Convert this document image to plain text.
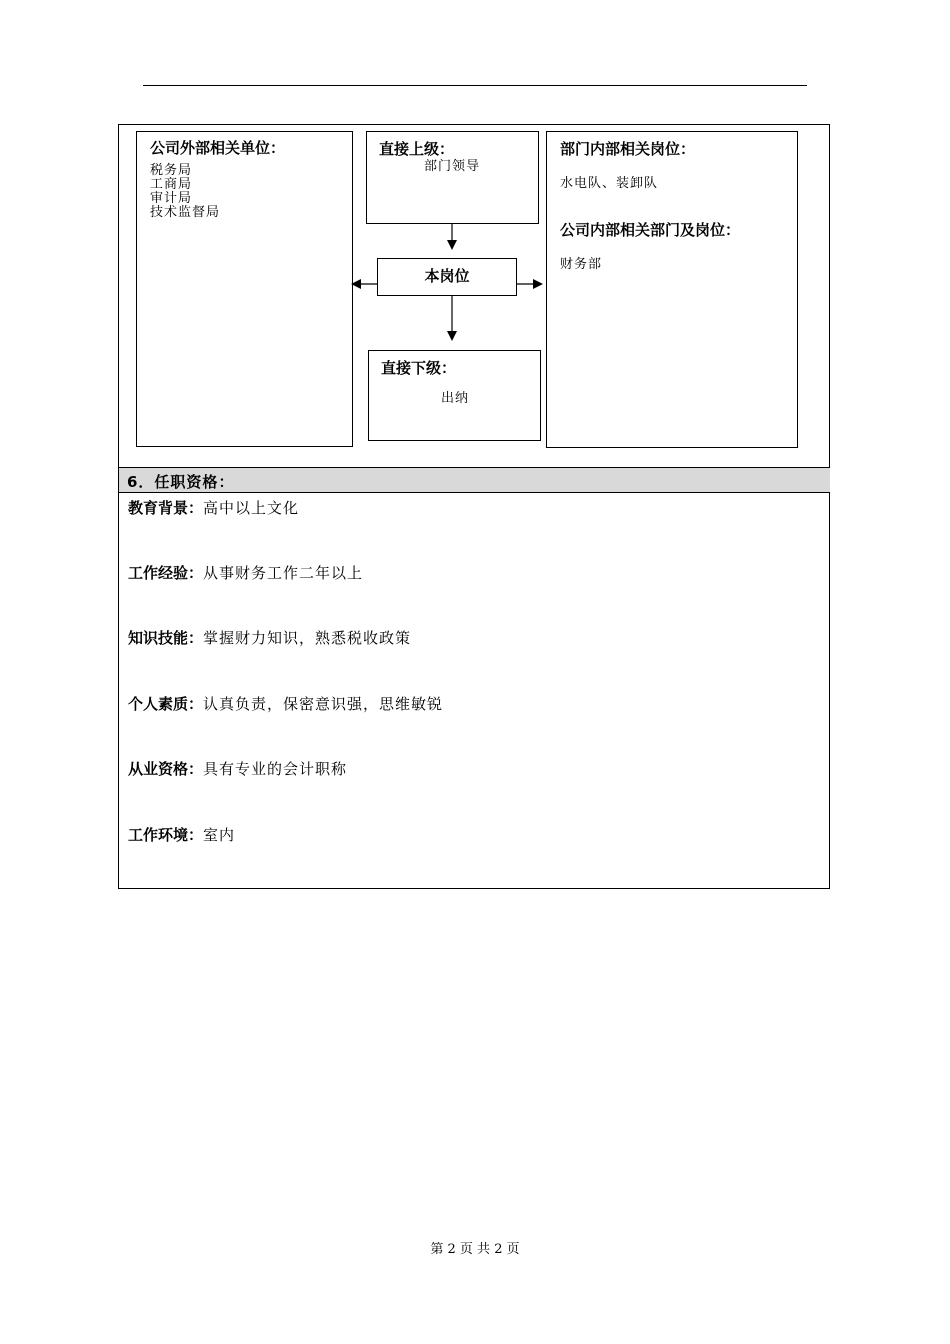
公司外部相关单位：
税务局
工商局
审计局
技术监督局
直接上级：
部门领导
本岗位
直接下级：
出纳
部门内部相关岗位：
水电队、装卸队
公司内部相关部门及岗位：
财务部
6．任职资格：
教育背景：高中以上文化
工作经验：从事财务工作二年以上
知识技能：掌握财力知识，熟悉税收政策
个人素质：认真负责，保密意识强，思维敏锐
从业资格：具有专业的会计职称
工作环境：室内
第 2 页 共 2 页
